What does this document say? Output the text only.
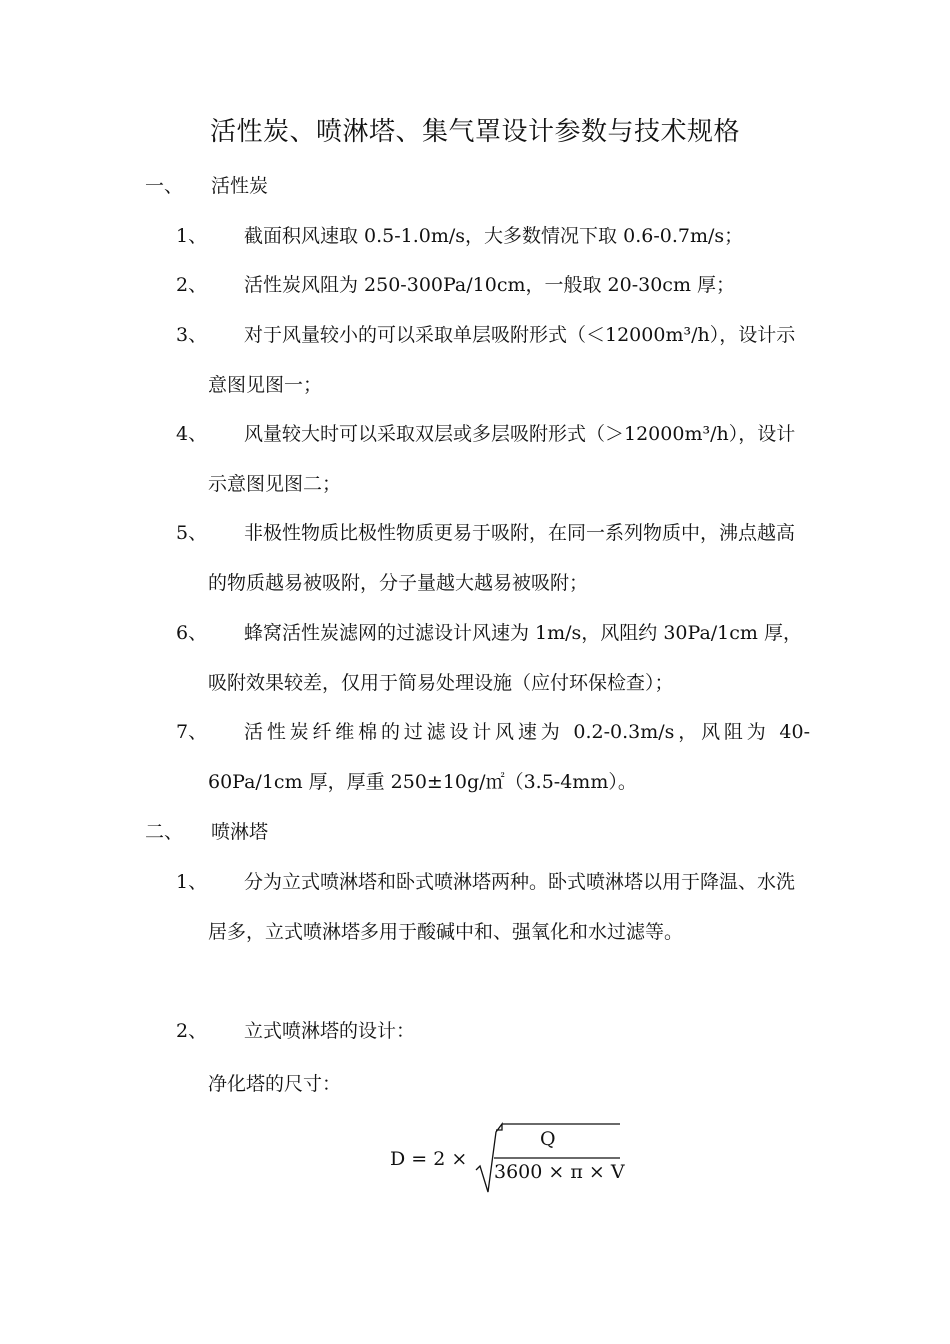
活性炭、喷淋塔、集气罩设计参数与技术规格
一、 活性炭
1、	截面积风速取 0.5-1.0m/s，大多数情况下取 0.6-0.7m/s；
2、	活性炭风阻为 250-300Pa/10cm，一般取 20-30cm 厚；
3、	对于风量较小的可以采取单层吸附形式（＜12000m³/h），设计示意图见图一；
4、	风量较大时可以采取双层或多层吸附形式（＞12000m³/h），设计示意图见图二；
5、	非极性物质比极性物质更易于吸附，在同一系列物质中，沸点越高的物质越易被吸附，分子量越大越易被吸附；
6、	蜂窝活性炭滤网的过滤设计风速为 1m/s，风阻约 30Pa/1cm 厚，吸附效果较差，仅用于简易处理设施（应付环保检查）；
7、	活性炭纤维棉的过滤设计风速为 0.2-0.3m/s，风阻为 40-60Pa/1cm 厚，厚重 250±10g/㎡（3.5-4mm）。
二、 喷淋塔
1、	分为立式喷淋塔和卧式喷淋塔两种。卧式喷淋塔以用于降温、水洗居多，立式喷淋塔多用于酸碱中和、强氧化和水过滤等。
2、	立式喷淋塔的设计：
净化塔的尺寸：
D = 2 ×
Q
3600 × π × V
